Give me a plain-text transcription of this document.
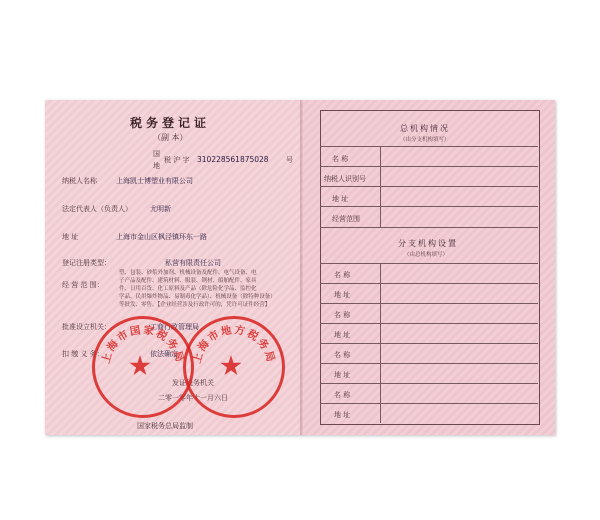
税务登记证
（副 本）
国
地
税 沪 字 310228561875028 号
纳税人名称	上海凯士博塑业有限公司
法定代表人（负责人）	尤明新
地 址	上海市金山区枫泾镇环东一路
登记注册类型：	私营有限责任公司
塑、包装、砂浆外加剂、机械设备及配件、电气设备、电
子产品及配件、建筑材料、服装、钢材、船舶配件、家具
经 营 范 围：	件、日用百货、化工原料及产品（除危险化学品、监控化
学品、民用爆炸物品、易制毒化学品）、机械设备（除特种设备）
等批发、零售。【企业经营涉及行政许可的，凭许可证件经营】
批准设立机关：	工商行政管理局
扣 缴 义 务：	依法确定
发证税务机关
二零一零年十一月六日
国家税务总局监制
上海市国家税务局 上海市地方税务局
总机构情况
（由分支机构填写）
名 称
纳税人识别号
地 址
经营范围
分支机构设置
（由总机构填写）
名 称
地 址
名 称
地 址
名 称
地 址
名 称
地 址
